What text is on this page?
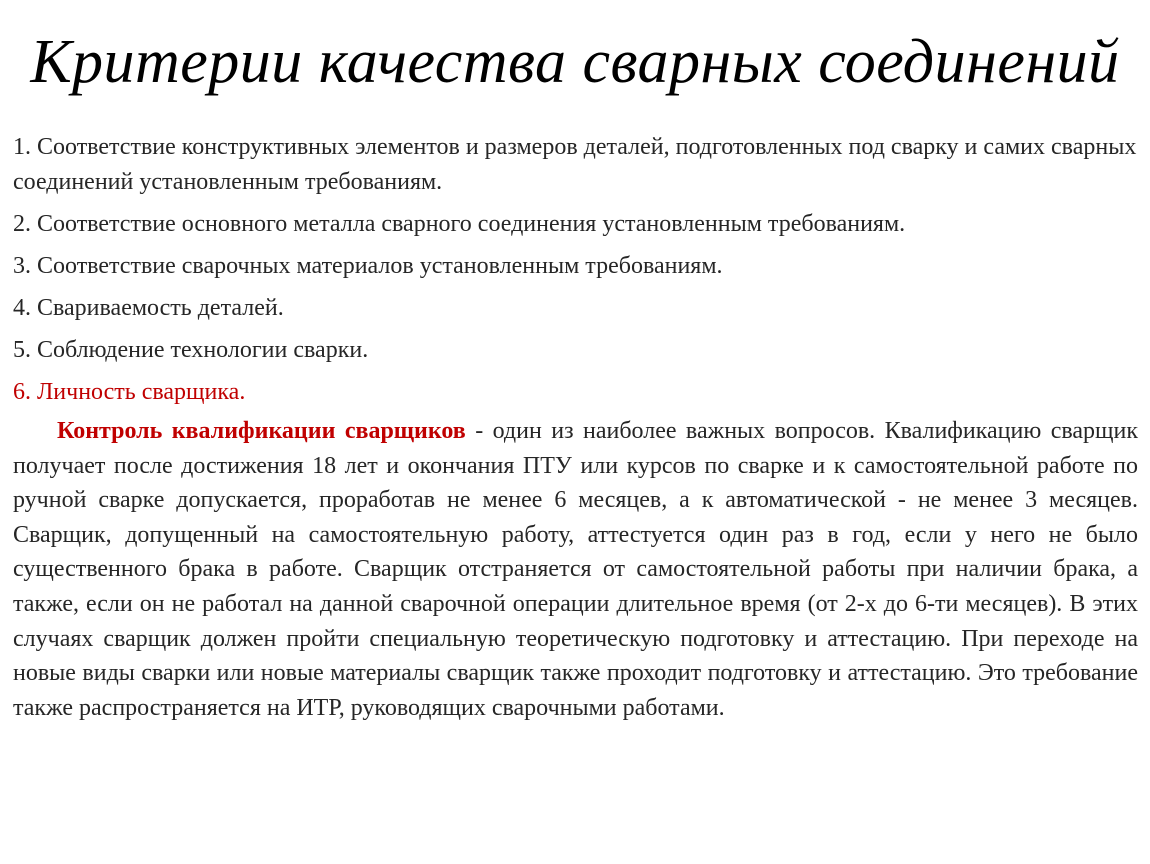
Критерии качества сварных соединений
1. Соответствие конструктивных элементов и размеров деталей, подготовленных под сварку и самих сварных соединений установленным требованиям.
2. Соответствие основного металла сварного соединения установленным требованиям.
3. Соответствие сварочных материалов установленным требованиям.
4. Свариваемость деталей.
5. Соблюдение технологии сварки.
6. Личность сварщика.

Контроль квалификации сварщиков - один из наиболее важных вопросов. Квалификацию сварщик получает после достижения 18 лет и окончания ПТУ или курсов по сварке и к самостоятельной работе по ручной сварке допускается, проработав не менее 6 месяцев, а к автоматической - не менее 3 месяцев. Сварщик, допущенный на самостоятельную работу, аттестуется один раз в год, если у него не было существенного брака в работе. Сварщик отстраняется от самостоятельной работы при наличии брака, а также, если он не работал на данной сварочной операции длительное время (от 2-х до 6-ти месяцев). В этих случаях сварщик должен пройти специальную теоретическую подготовку и аттестацию. При переходе на новые виды сварки или новые материалы сварщик также проходит подготовку и аттестацию. Это требование также распространяется на ИТР, руководящих сварочными работами.
